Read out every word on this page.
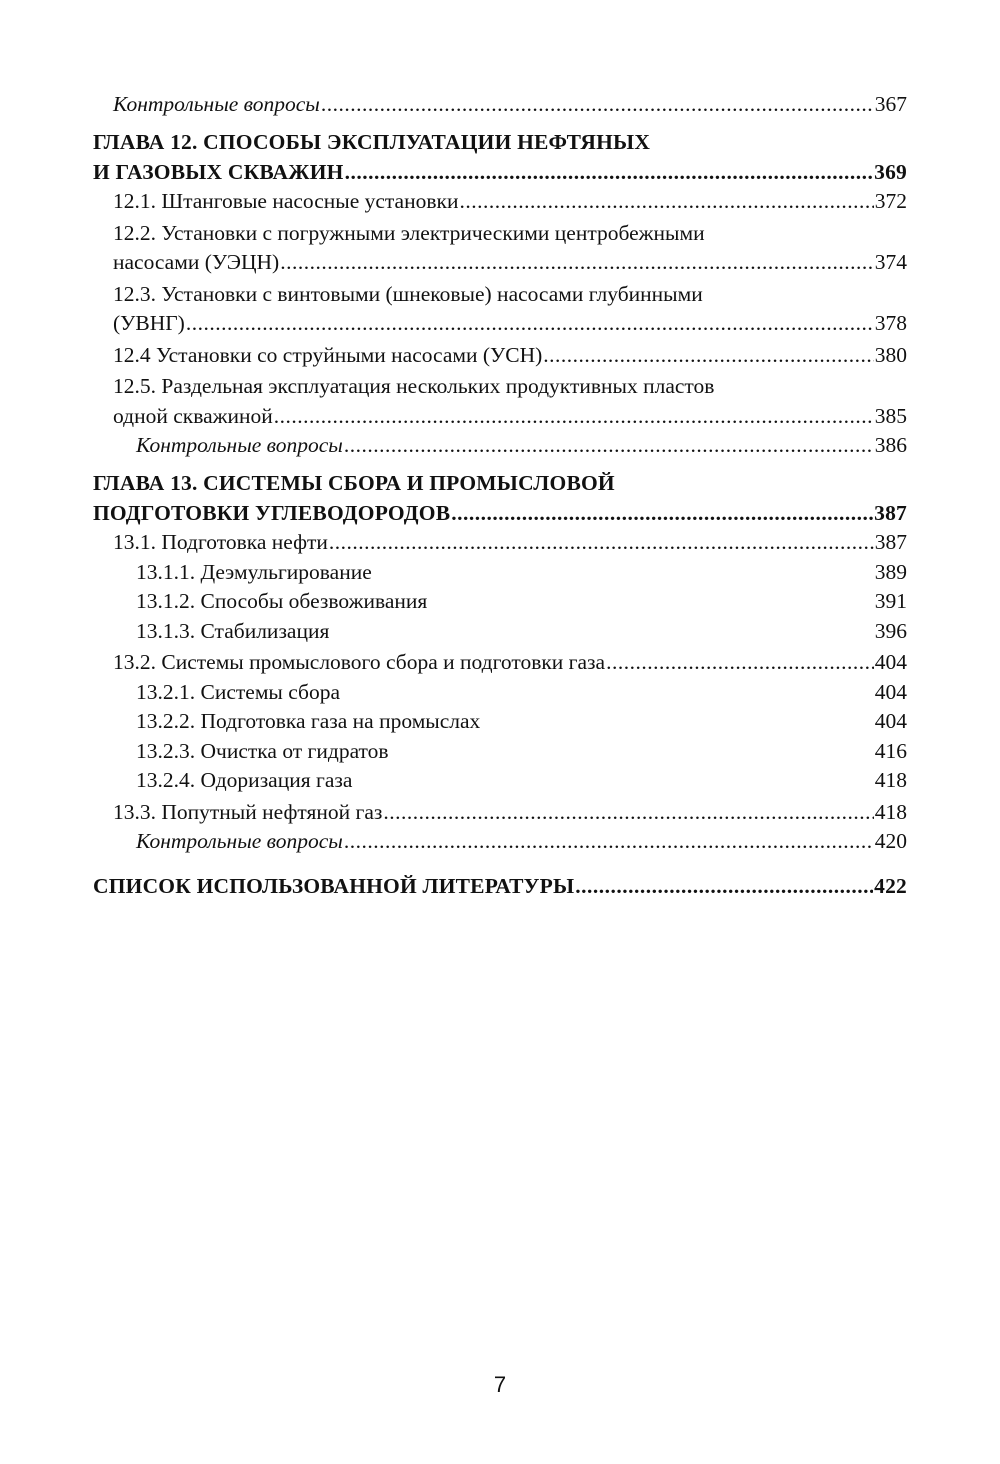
Контрольные вопросы .....	367
ГЛАВА 12. СПОСОБЫ ЭКСПЛУАТАЦИИ НЕФТЯНЫХ
И ГАЗОВЫХ СКВАЖИН .....	369
12.1. Штанговые насосные установки .....	372
12.2. Установки с погружными электрическими центробежными
насосами (УЭЦН) .....	374
12.3. Установки с винтовыми (шнековые) насосами глубинными
(УВНГ) .....	378
12.4 Установки со струйными насосами (УСН) .....	380
12.5. Раздельная эксплуатация нескольких продуктивных пластов
одной скважиной .....	385
Контрольные вопросы .....	386
ГЛАВА 13. СИСТЕМЫ СБОРА И ПРОМЫСЛОВОЙ
ПОДГОТОВКИ УГЛЕВОДОРОДОВ .....	387
13.1. Подготовка нефти .....	387
13.1.1. Деэмульгирование	389
13.1.2. Способы обезвоживания	391
13.1.3. Стабилизация	396
13.2. Системы промыслового сбора и подготовки газа .....	404
13.2.1. Системы сбора	404
13.2.2. Подготовка газа на промыслах	404
13.2.3. Очистка от гидратов	416
13.2.4. Одоризация газа	418
13.3. Попутный нефтяной газ .....	418
Контрольные вопросы .....	420
СПИСОК ИСПОЛЬЗОВАННОЙ ЛИТЕРАТУРЫ .....	422
7
